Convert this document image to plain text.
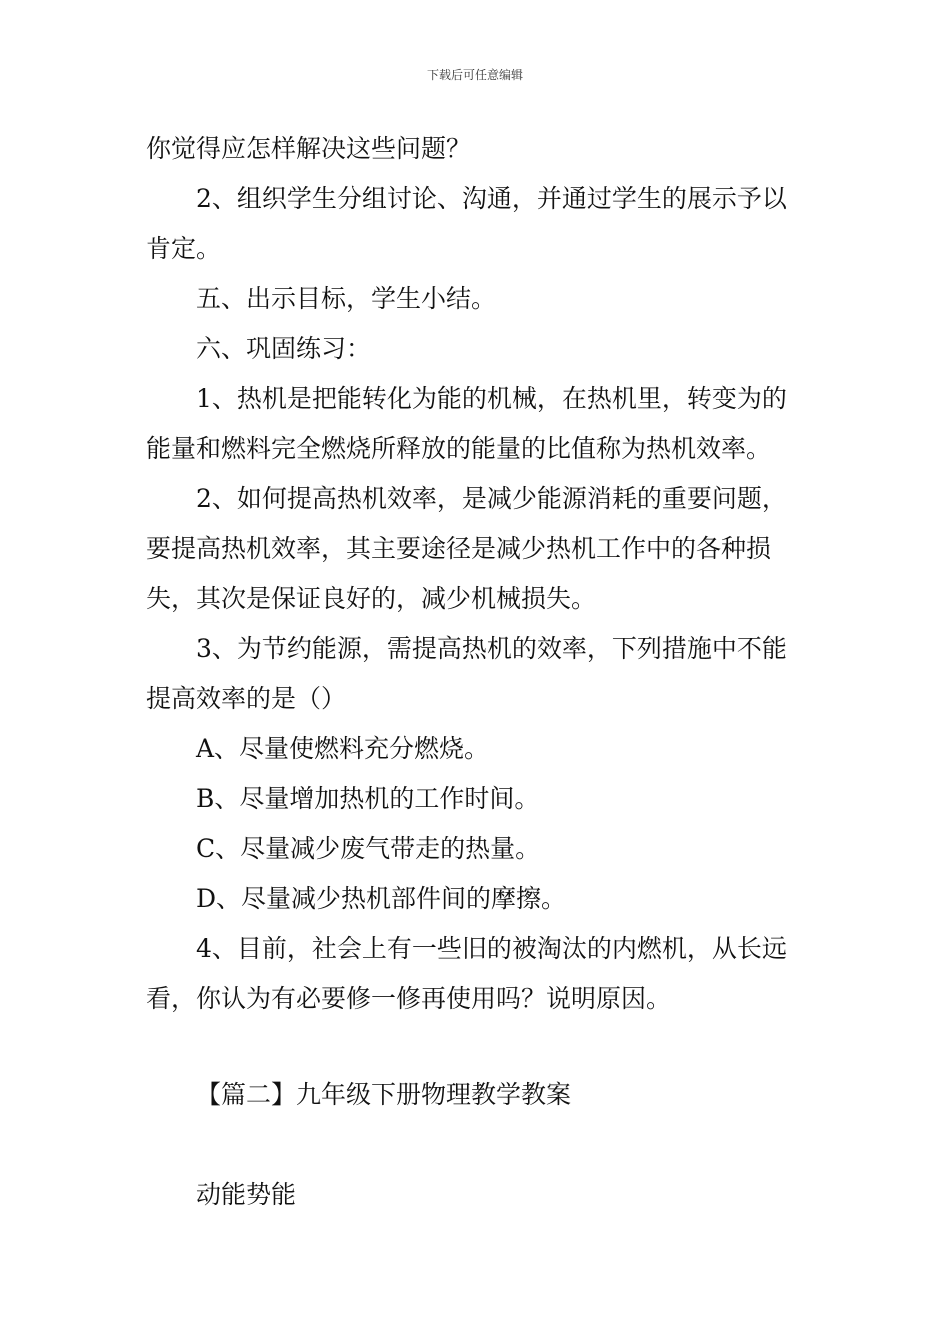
下载后可任意编辑

你觉得应怎样解决这些问题？

2、组织学生分组讨论、沟通，并通过学生的展示予以

肯定。

五、出示目标，学生小结。

六、巩固练习：

1、热机是把能转化为能的机械，在热机里，转变为的

能量和燃料完全燃烧所释放的能量的比值称为热机效率。

2、如何提高热机效率，是减少能源消耗的重要问题，

要提高热机效率，其主要途径是减少热机工作中的各种损

失，其次是保证良好的，减少机械损失。

3、为节约能源，需提高热机的效率，下列措施中不能

提高效率的是（）

A、尽量使燃料充分燃烧。

B、尽量增加热机的工作时间。

C、尽量减少废气带走的热量。

D、尽量减少热机部件间的摩擦。

4、目前，社会上有一些旧的被淘汰的内燃机，从长远

看，你认为有必要修一修再使用吗？说明原因。

【篇二】九年级下册物理教学教案
动能势能
